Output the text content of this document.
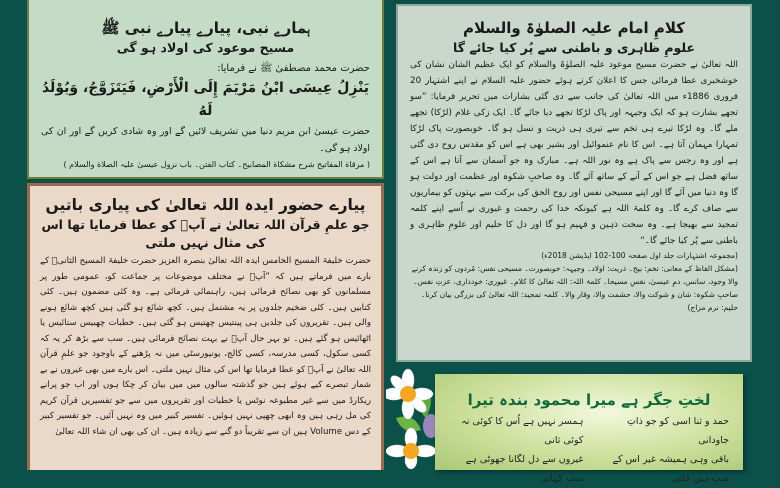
ہمارے نبی، پیارے پیارے نبی ﷺ
مسیح موعود کی اولاد ہو گی
حضرت محمد مصطفیٰ ﷺ نے فرمایا:
يَنْزِلُ عِيسَى ابْنُ مَرْيَمَ إِلَى الْأَرْضِ، فَيَتَزَوَّجُ، وَيُوْلَدُ لَهُ
حضرت عیسیٰ ابن مریم دنیا میں تشریف لائیں گے اور وہ شادی کریں گے اور ان کی اولاد ہو گی۔
( مرقاة المفاتیح شرح مشکاة المصابیح۔ کتاب الفتن۔ باب نزول عیسیٰ علیہ الصلاة والسلام )
پیارے حضور ایدہ اللہ تعالیٰ کی پیاری باتیں
جو علمِ قرآن اللہ تعالیٰ نے آپؓ کو عطا فرمایا تھا اس کی مثال نہیں ملتی
حضرت خلیفۃ المسیح الخامس ایدہ اللہ تعالیٰ بنصرہ العزیز حضرت خلیفۃ المسیح الثانیؓ کے بارے میں فرماتے ہیں کہ ”آپؓ نے مختلف موضوعات پر جماعت کو، عمومی طور پر مسلمانوں کو بھی نصائح فرمائی ہیں، راہنمائی فرمائی ہے۔ وہ کئی مضمون ہیں۔ کئی کتابیں ہیں۔ کئی ضخیم جلدوں پر یہ مشتمل ہیں۔ کچھ شائع ہو گئی ہیں کچھ شائع ہونے والی ہیں۔ تقریروں کی جلدیں ہی پینتیس چھتیس ہو گئی ہیں۔ خطبات چھبیس ستائیس یا اٹھائیس ہو گئے ہیں۔ تو بہر حال آپؓ نے بہت نصائح فرمائی ہیں۔ سب سے بڑھ کر یہ کہ کسی سکول، کسی مدرسہ، کسی کالج، یونیورسٹی میں نہ پڑھنے کے باوجود جو علمِ قرآن اللہ تعالیٰ نے آپؓ کو عطا فرمایا تھا اس کی مثال نہیں ملتی۔ اس بارے میں بھی غیروں نے بے شمار تبصرے کیے ہوئے ہیں جو گذشتہ سالوں میں میں بیان کر چکا ہوں اور اب جو پرانے ریکارڈ میں سے غیر مطبوعہ نوٹس یا خطبات اور تقریروں میں سے جو تفسیریں قرآن کریم کی مل رہی ہیں وہ ابھی چھپی نہیں ہوئیں۔ تفسیر کبیر میں وہ نہیں آئیں۔ جو تفسیر کبیر کے دس Volume ہیں ان سے تقریباً دو گنے سے زیادہ ہیں۔ ان کی بھی ان شاء اللہ تعالیٰ
کلامِ امام علیہ الصلوٰۃ والسلام
علومِ ظاہری و باطنی سے پُر کیا جائے گا
اللہ تعالیٰ نے حضرت مسیح موعود علیہ الصلوٰۃ والسلام کو ایک عظیم الشان نشان کی خوشخبری عطا فرمائی جس کا اعلان کرتے ہوئے حضور علیہ السلام نے اپنے اشتہار 20 فروری 1886ء میں اللہ تعالیٰ کی جانب سے دی گئی بشارات میں تحریر فرمایا: ”سو تجھے بشارت ہو کہ ایک وجیہہ اور پاک لڑکا تجھے دیا جائے گا۔ ایک زکی غلام (لڑکا) تجھے ملے گا۔ وہ لڑکا تیرے ہی تخم سے تیری ہی ذریت و نسل ہو گا۔ خوبصورت پاک لڑکا تمہارا مہمان آتا ہے۔ اس کا نام عنموائیل اور بشیر بھی ہے اس کو مقدس روح دی گئی ہے اور وہ رجس سے پاک ہے وہ نور اللہ ہے۔ مبارک وہ جو آسمان سے آتا ہے اس کے ساتھ فضل ہے جو اس کے آنے کے ساتھ آئے گا۔ وہ صاحبِ شکوہ اور عظمت اور دولت ہو گا وہ دنیا میں آئے گا اور اپنے مسیحی نفس اور روح الحق کی برکت سے بہتوں کو بیماریوں سے صاف کرے گا۔ وہ کلمۃ اللہ ہے کیونکہ خدا کی رحمت و غیوری نے اُسے اپنے کلمہ تمجید سے بھیجا ہے۔ وہ سخت ذہین و فہیم ہو گا اور دل کا حلیم اور علومِ ظاہری و باطنی سے پُر کیا جائے گا۔“
(مجموعہ اشتہارات جلد اول صفحہ 100-102 ایڈیشن 2018ء)
(مشکل الفاظ کے معانی: تخم: بیج۔ ذریت: اولاد۔ وجیہہ: خوبصورت۔ مسیحی نفس: مُردوں کو زندہ کرنے والا وجود، سانس، دمِ عیسیٰ، نفسِ مسیحا۔ کلمۃ اللہ: اللہ تعالیٰ کا کلام۔ غیوری: خودداری، عزتِ نفس۔ صاحبِ شکوہ: شان و شوکت والا، حشمت والا، وقار والا۔ کلمہ تمجید: اللہ تعالیٰ کی بزرگی بیان کرنا۔ حلیم: نرم مزاج)
لختِ جگر ہے میرا محمود بندہ تیرا
حمد و ثنا اسی کو جو ذاتِ جاودانی
ہمسر نہیں ہے اُس کا کوئی نہ کوئی ثانی
باقی وہی ہمیشہ غیر اس کے سب ہیں فانی
غیروں سے دل لگانا جھوٹی ہے سب کہانی
